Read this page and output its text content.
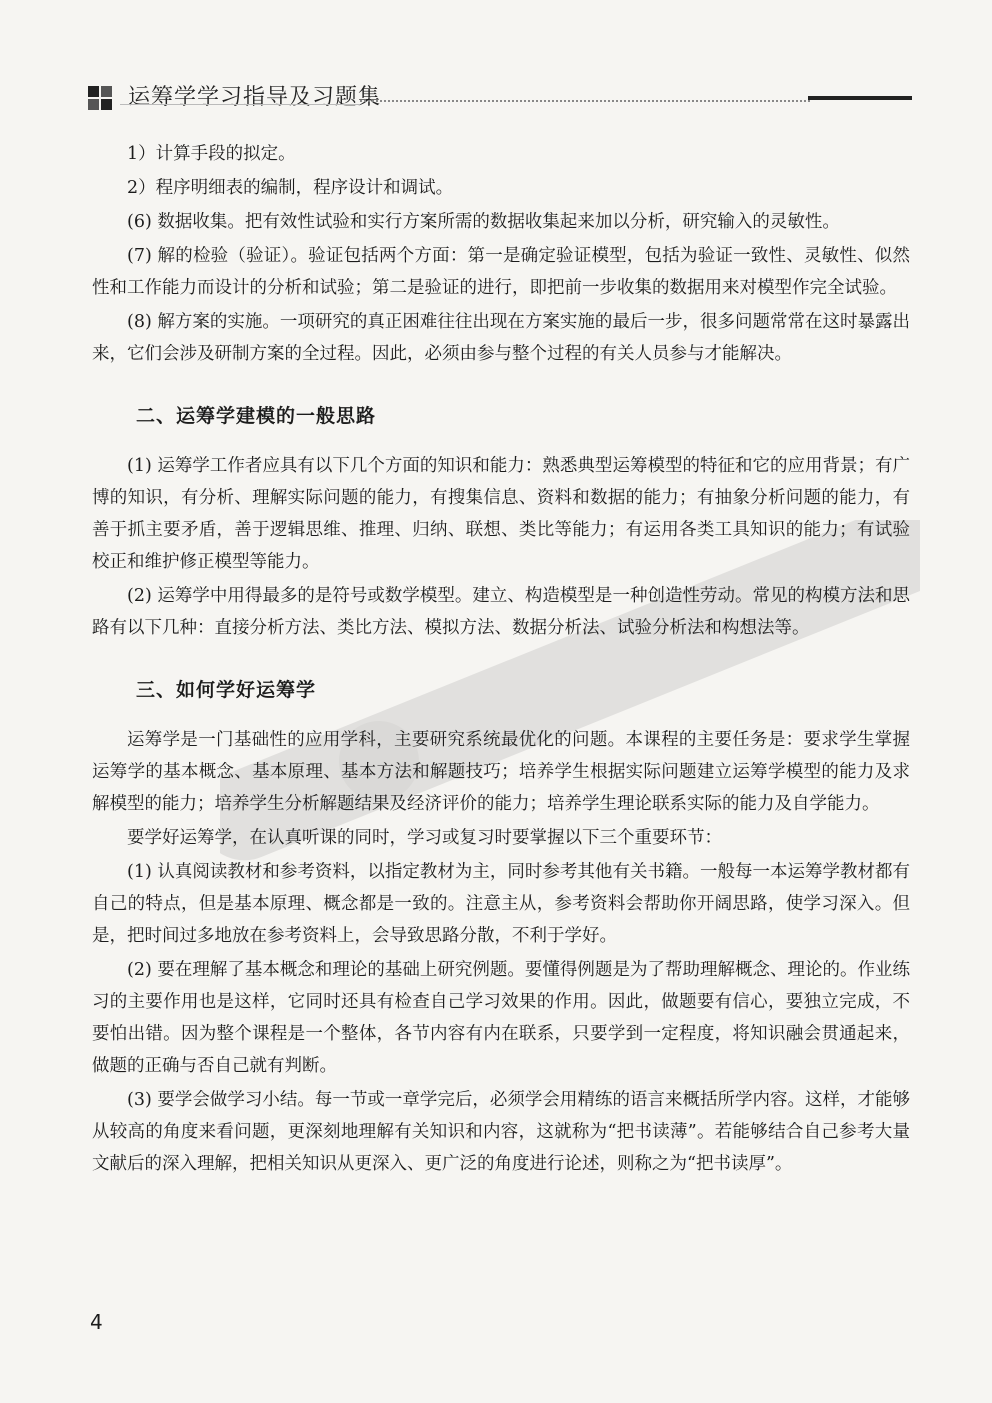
运筹学学习指导及习题集

1）计算手段的拟定。

2）程序明细表的编制，程序设计和调试。

(6) 数据收集。把有效性试验和实行方案所需的数据收集起来加以分析，研究输入的灵敏性。

(7) 解的检验（验证）。验证包括两个方面：第一是确定验证模型，包括为验证一致性、灵敏性、似然性和工作能力而设计的分析和试验；第二是验证的进行，即把前一步收集的数据用来对模型作完全试验。

(8) 解方案的实施。一项研究的真正困难往往出现在方案实施的最后一步，很多问题常常在这时暴露出来，它们会涉及研制方案的全过程。因此，必须由参与整个过程的有关人员参与才能解决。

二、运筹学建模的一般思路

(1) 运筹学工作者应具有以下几个方面的知识和能力：熟悉典型运筹模型的特征和它的应用背景；有广博的知识，有分析、理解实际问题的能力，有搜集信息、资料和数据的能力；有抽象分析问题的能力，有善于抓主要矛盾，善于逻辑思维、推理、归纳、联想、类比等能力；有运用各类工具知识的能力；有试验校正和维护修正模型等能力。

(2) 运筹学中用得最多的是符号或数学模型。建立、构造模型是一种创造性劳动。常见的构模方法和思路有以下几种：直接分析方法、类比方法、模拟方法、数据分析法、试验分析法和构想法等。

三、如何学好运筹学

运筹学是一门基础性的应用学科，主要研究系统最优化的问题。本课程的主要任务是：要求学生掌握运筹学的基本概念、基本原理、基本方法和解题技巧；培养学生根据实际问题建立运筹学模型的能力及求解模型的能力；培养学生分析解题结果及经济评价的能力；培养学生理论联系实际的能力及自学能力。

要学好运筹学，在认真听课的同时，学习或复习时要掌握以下三个重要环节：

(1) 认真阅读教材和参考资料，以指定教材为主，同时参考其他有关书籍。一般每一本运筹学教材都有自己的特点，但是基本原理、概念都是一致的。注意主从，参考资料会帮助你开阔思路，使学习深入。但是，把时间过多地放在参考资料上，会导致思路分散，不利于学好。

(2) 要在理解了基本概念和理论的基础上研究例题。要懂得例题是为了帮助理解概念、理论的。作业练习的主要作用也是这样，它同时还具有检查自己学习效果的作用。因此，做题要有信心，要独立完成，不要怕出错。因为整个课程是一个整体，各节内容有内在联系，只要学到一定程度，将知识融会贯通起来，做题的正确与否自己就有判断。

(3) 要学会做学习小结。每一节或一章学完后，必须学会用精练的语言来概括所学内容。这样，才能够从较高的角度来看问题，更深刻地理解有关知识和内容，这就称为“把书读薄”。若能够结合自己参考大量文献后的深入理解，把相关知识从更深入、更广泛的角度进行论述，则称之为“把书读厚”。

4
